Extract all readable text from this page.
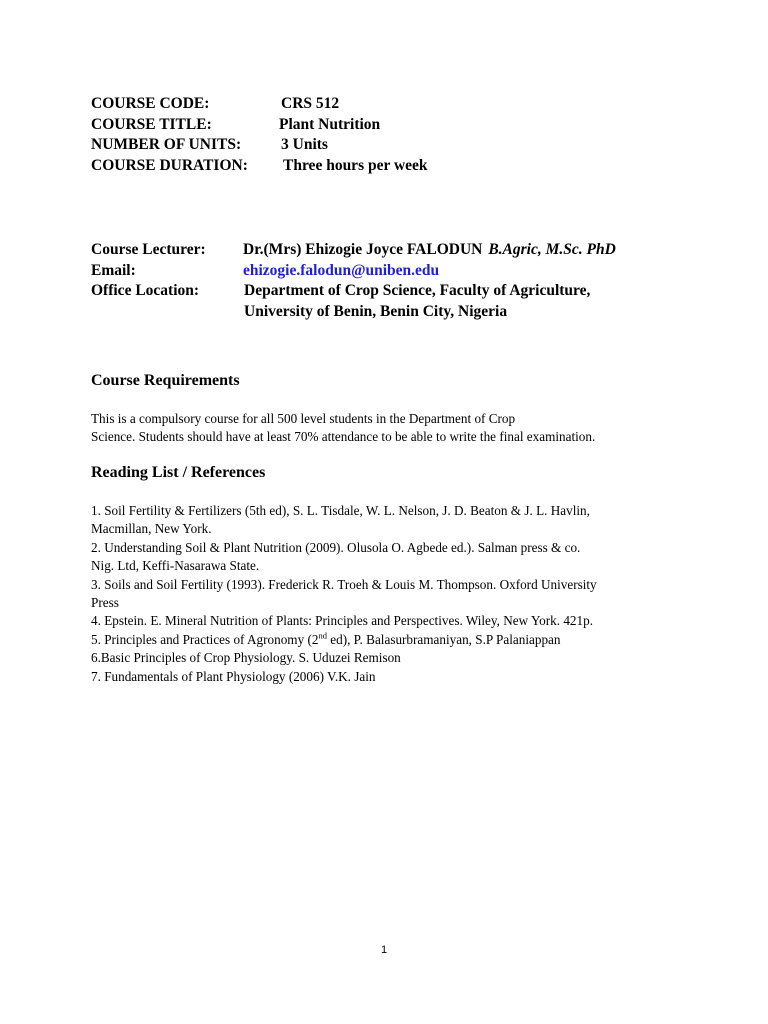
COURSE CODE:	CRS 512
COURSE TITLE:	Plant Nutrition
NUMBER OF UNITS:	3 Units
COURSE DURATION: Three hours per week
Course Lecturer: Dr.(Mrs) Ehizogie Joyce FALODUN B.Agric, M.Sc. PhD
Email:	ehizogie.falodun@uniben.edu
Office Location:	Department of Crop Science, Faculty of Agriculture,
University of Benin, Benin City, Nigeria
Course Requirements
This is a compulsory course for all 500 level students in the Department of Crop
Science. Students should have at least 70% attendance to be able to write the final examination.
Reading List / References
1. Soil Fertility & Fertilizers (5th ed), S. L. Tisdale, W. L. Nelson, J. D. Beaton & J. L. Havlin,
Macmillan, New York.
2. Understanding Soil & Plant Nutrition (2009). Olusola O. Agbede ed.). Salman press & co.
Nig. Ltd, Keffi-Nasarawa State.
3. Soils and Soil Fertility (1993). Frederick R. Troeh & Louis M. Thompson. Oxford University
Press
4. Epstein. E. Mineral Nutrition of Plants: Principles and Perspectives. Wiley, New York. 421p.
5. Principles and Practices of Agronomy (2nd ed), P. Balasurbramaniyan, S.P Palaniappan
6.Basic Principles of Crop Physiology. S. Uduzei Remison
7. Fundamentals of Plant Physiology (2006) V.K. Jain
1
